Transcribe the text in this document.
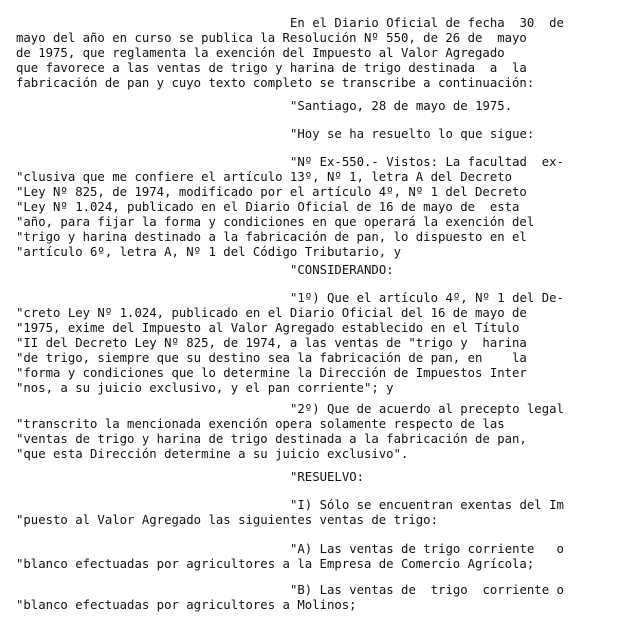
En el Diario Oficial de fecha  30  de
mayo del año en curso se publica la Resolución Nº 550, de 26 de  mayo
de 1975, que reglamenta la exención del Impuesto al Valor Agregado
que favorece a las ventas de trigo y harina de trigo destinada  a  la
fabricación de pan y cuyo texto completo se transcribe a continuación:
"Santiago, 28 de mayo de 1975.
"Hoy se ha resuelto lo que sigue:
"Nº Ex-550.- Vistos: La facultad  ex-
"clusiva que me confiere el artículo 13º, Nº 1, letra A del Decreto
"Ley Nº 825, de 1974, modificado por el artículo 4º, Nº 1 del Decreto
"Ley Nº 1.024, publicado en el Diario Oficial de 16 de mayo de  esta
"año, para fijar la forma y condiciones en que operará la exención del
"trigo y harina destinado a la fabricación de pan, lo dispuesto en el
"artículo 6º, letra A, Nº 1 del Código Tributario, y
"CONSIDERANDO:
"1º) Que el artículo 4º, Nº 1 del De-
"creto Ley Nº 1.024, publicado en el Diario Oficial del 16 de mayo de
"1975, exime del Impuesto al Valor Agregado establecido en el Título
"II del Decreto Ley Nº 825, de 1974, a las ventas de "trigo y  harina
"de trigo, siempre que su destino sea la fabricación de pan, en    la
"forma y condiciones que lo determine la Dirección de Impuestos Inter
"nos, a su juicio exclusivo, y el pan corriente"; y
"2º) Que de acuerdo al precepto legal
"transcrito la mencionada exención opera solamente respecto de las
"ventas de trigo y harina de trigo destinada a la fabricación de pan,
"que esta Dirección determine a su juicio exclusivo".
"RESUELVO:
"I) Sólo se encuentran exentas del Im
"puesto al Valor Agregado las siguientes ventas de trigo:
"A) Las ventas de trigo corriente   o
"blanco efectuadas por agricultores a la Empresa de Comercio Agrícola;
"B) Las ventas de  trigo  corriente o
"blanco efectuadas por agricultores a Molinos;
